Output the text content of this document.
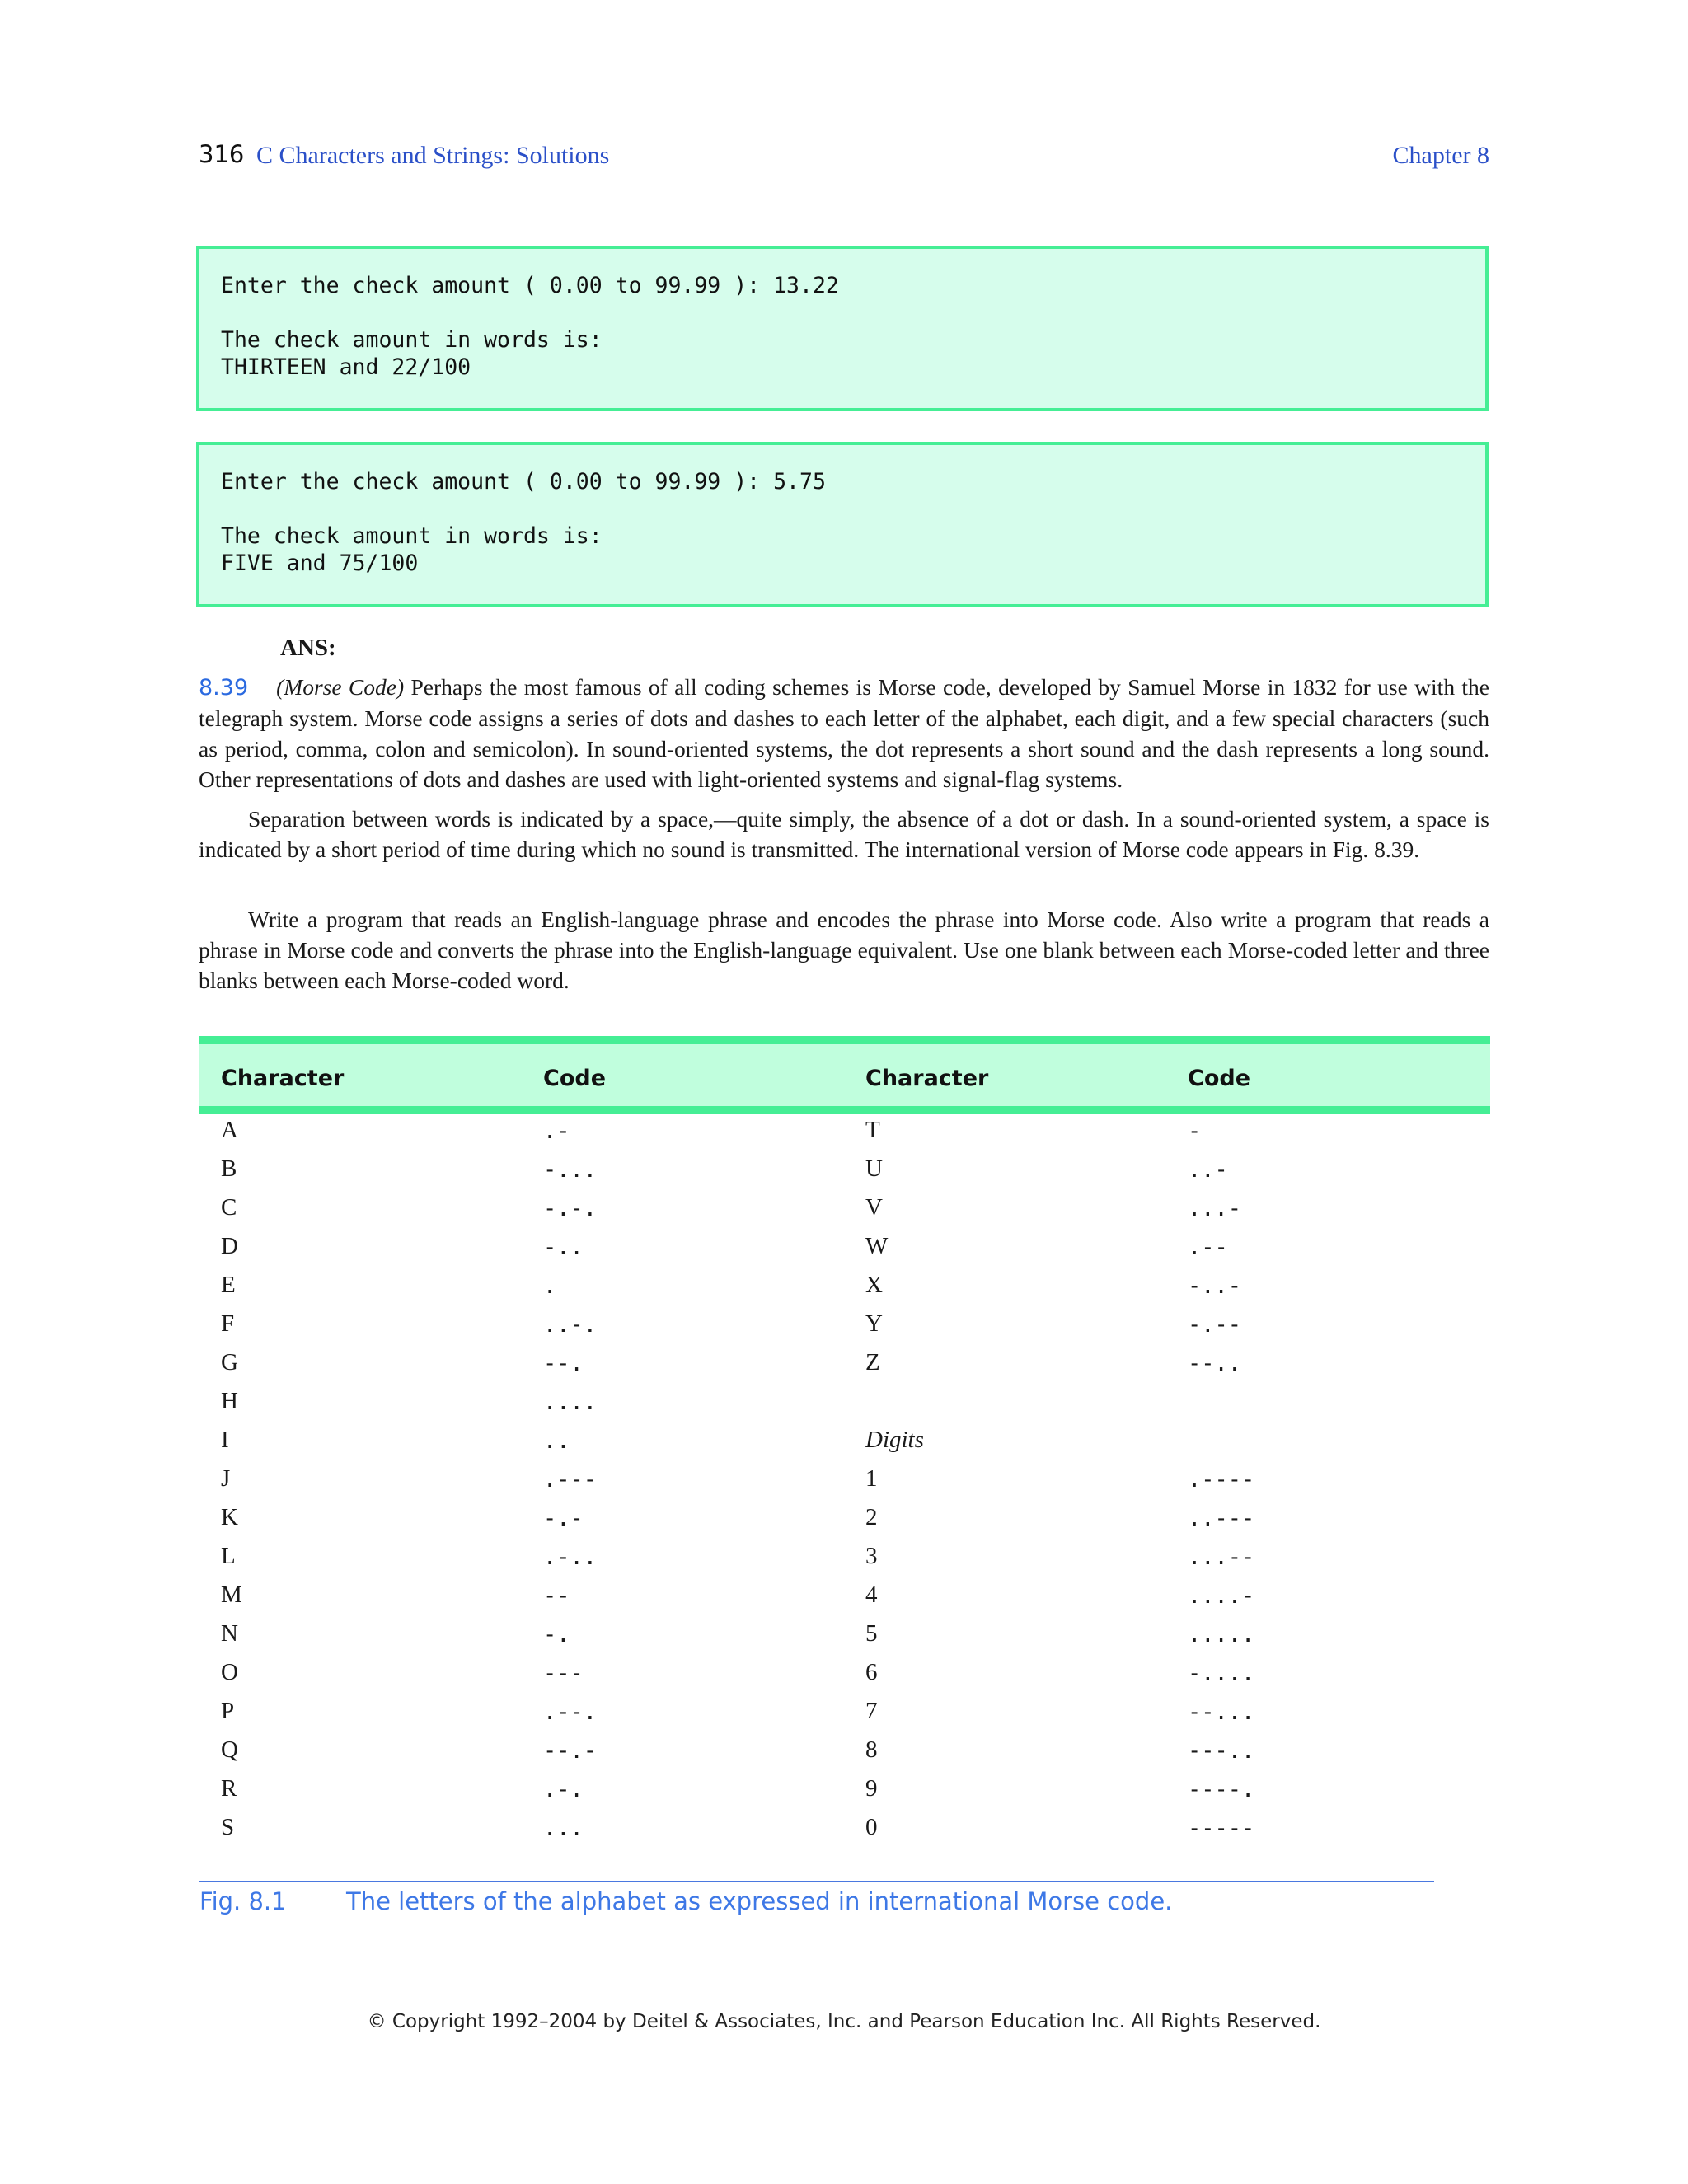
316 C Characters and Strings: Solutions	Chapter 8
Enter the check amount ( 0.00 to 99.99 ): 13.22
The check amount in words is:
THIRTEEN and 22/100
Enter the check amount ( 0.00 to 99.99 ): 5.75
The check amount in words is:
FIVE and 75/100
ANS:
8.39 (Morse Code) Perhaps the most famous of all coding schemes is Morse code, developed by Samuel Morse in 1832 for use with the telegraph system. Morse code assigns a series of dots and dashes to each letter of the alphabet, each digit, and a few special characters (such as period, comma, colon and semicolon). In sound-oriented systems, the dot represents a short sound and the dash represents a long sound. Other representations of dots and dashes are used with light-oriented systems and signal-flag systems.
Separation between words is indicated by a space,—quite simply, the absence of a dot or dash. In a sound-oriented system, a space is indicated by a short period of time during which no sound is transmitted. The international version of Morse code appears in Fig. 8.39.
Write a program that reads an English-language phrase and encodes the phrase into Morse code. Also write a program that reads a phrase in Morse code and converts the phrase into the English-language equivalent. Use one blank between each Morse-coded letter and three blanks between each Morse-coded word.
Character	Code	Character	Code
A	.-	T	-
B	-...	U	..-
C	-.-.	V	...-
D	-..	W	.--
E	.	X	-..-
F	..-.	Y	-.--
G	--.	Z	--..
H	....
I	..	Digits
J	.---	1	.----
K	-.-	2	..---
L	.-..	3	...--
M	--	4	....-
N	-.	5	.....
O	---	6	-....
P	.--.	7	--...
Q	--.-	8	---..
R	.-.	9	----.
S	...	0	-----
Fig. 8.1 The letters of the alphabet as expressed in international Morse code.
© Copyright 1992–2004 by Deitel & Associates, Inc. and Pearson Education Inc. All Rights Reserved.
